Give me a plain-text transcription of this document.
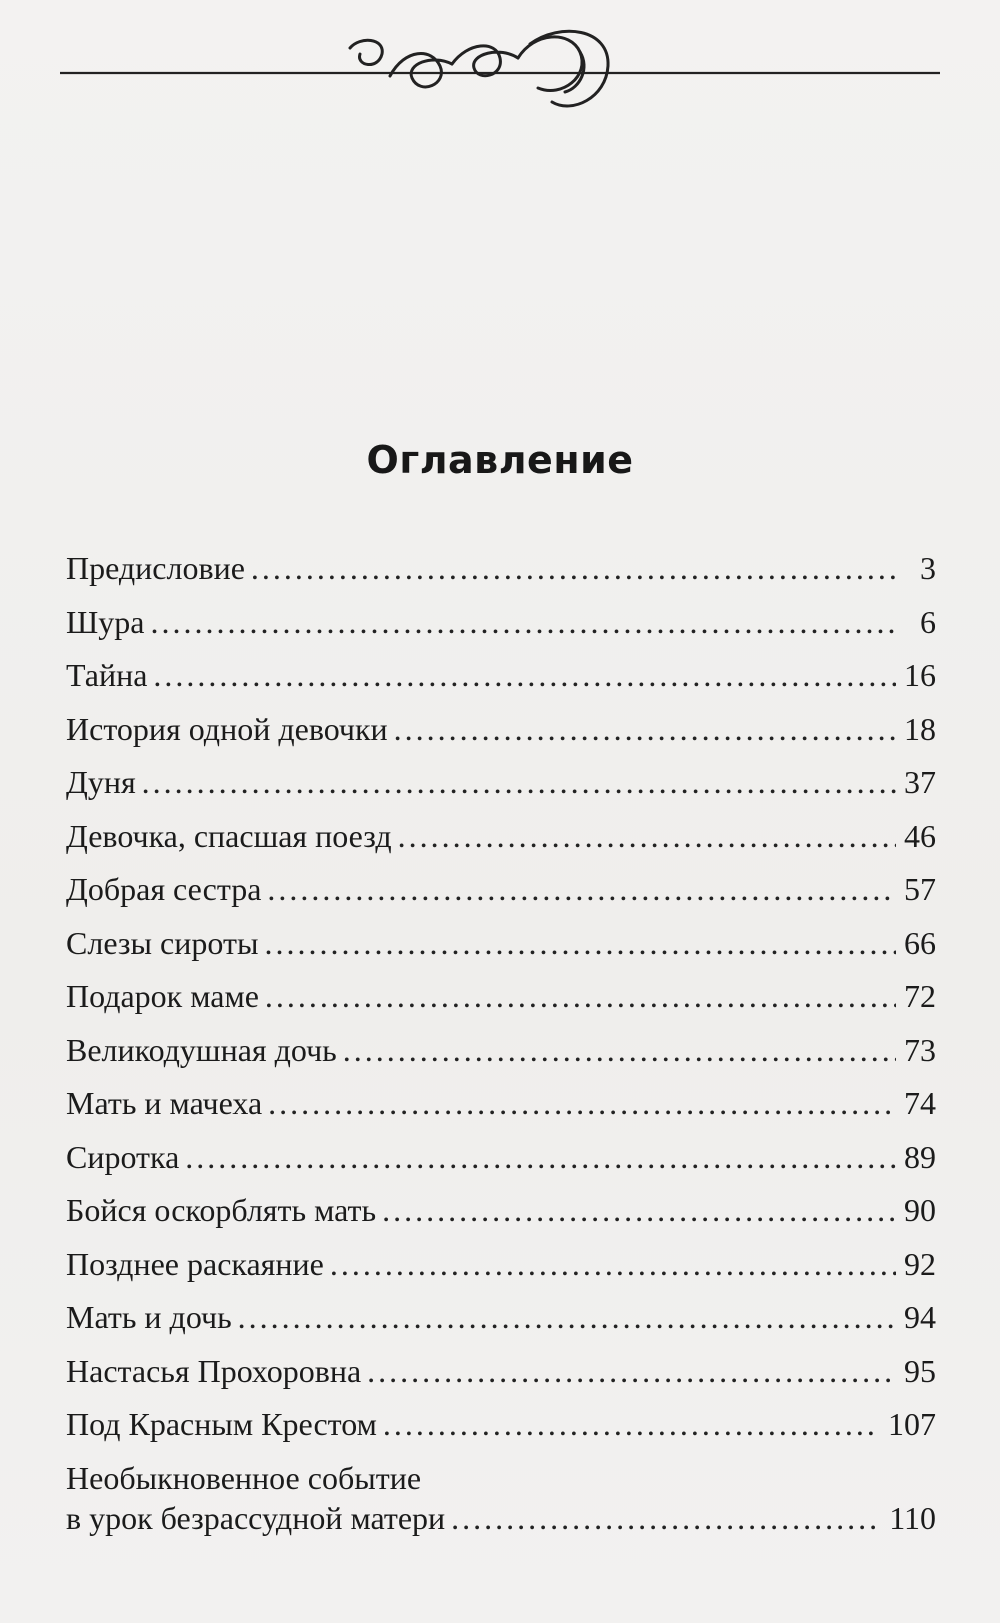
Оглавление
Предисловие .....	3
Шура .....	6
Тайна .....	16
История одной девочки .....	18
Дуня .....	37
Девочка, спасшая поезд .....	46
Добрая сестра .....	57
Слезы сироты .....	66
Подарок маме .....	72
Великодушная дочь .....	73
Мать и мачеха .....	74
Сиротка .....	89
Бойся оскорблять мать .....	90
Позднее раскаяние .....	92
Мать и дочь .....	94
Настасья Прохоровна .....	95
Под Красным Крестом .....	107
Необыкновенное событие
в урок безрассудной матери .....	110
